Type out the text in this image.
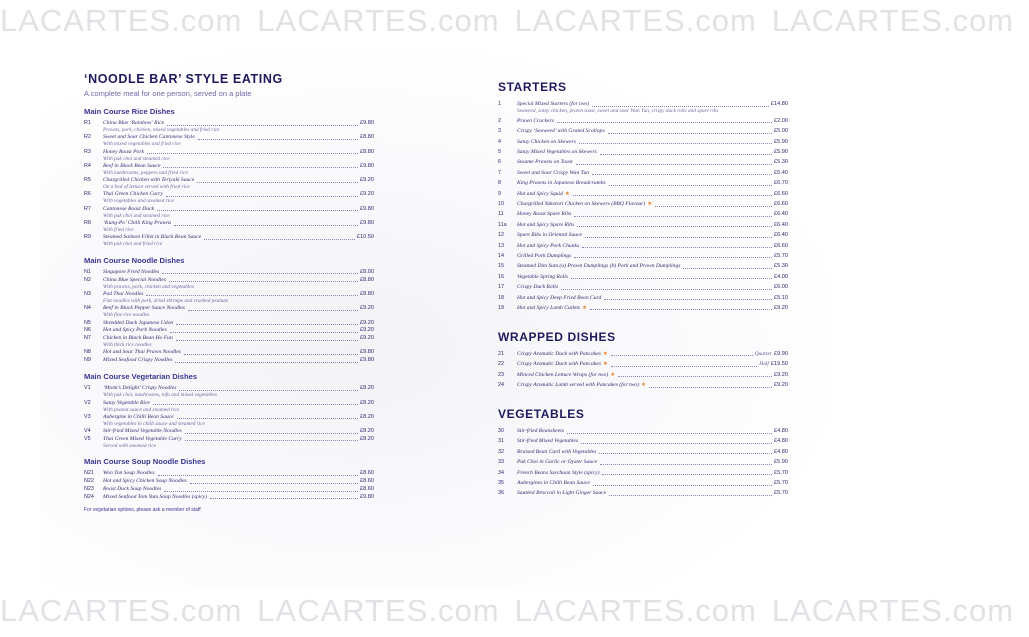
LACARTES.com LACARTES.com LACARTES.com LACARTES.com
LACARTES.com LACARTES.com LACARTES.com LACARTES.com
‘NOODLE BAR’ STYLE EATING
A complete meal for one person, served on a plate
Main Course Rice Dishes
R1	China Blue ‘Rainbow’ Rice	£9.80
Prawns, pork, chicken, mixed vegetables and fried rice
R2	Sweet and Sour Chicken Cantonese Style	£8.80
With mixed vegetables and fried rice
R3	Honey Roast Pork	£8.80
With pak choi and steamed rice
R4	Beef in Black Bean Sauce	£9.80
With mushrooms, peppers and fried rice
R5	Chargrilled Chicken with Teriyaki Sauce	£9.20
On a bed of lettuce served with fried rice
R6	Thai Green Chicken Curry	£9.20
With vegetables and steamed rice
R7	Cantonese Roast Duck	£9.80
With pak choi and steamed rice
R8	‘Kung-Po’ Chilli King Prawns	£9.80
With fried rice
R9	Steamed Salmon Fillet in Black Bean Sauce	£10.50
With pak choi and fried rice
Main Course Noodle Dishes
N1	Singapore Fried Noodles	£8.00
N2	China Blue Special Noodles	£8.80
With prawns, pork, chicken and vegetables
N3	Pad Thai Noodles	£8.80
Flat noodles with pork, dried shrimps and crushed peanuts
N4	Beef in Black Pepper Sauce Noodles	£9.20
With fine rice noodles
N5	Shredded Duck Japanese Udon	£9.20
N6	Hot and Spicy Pork Noodles	£9.20
N7	Chicken in Black Bean Ho Fun	£9.20
With thick rice noodles
N8	Hot and Sour Thai Prawn Noodles	£9.80
N9	Mixed Seafood Crispy Noodles	£9.80
Main Course Vegetarian Dishes
V1	‘Monk’s Delight’ Crispy Noodles	£8.20
With pak choi, mushrooms, tofu and mixed vegetables
V2	Satay Vegetable Rice	£8.20
With peanut sauce and steamed rice
V3	Aubergine in Chilli Bean Sauce	£8.20
With vegetables in chilli sauce and steamed rice
V4	Stir-fried Mixed Vegetable Noodles	£8.20
V5	Thai Green Mixed Vegetable Curry	£8.20
Served with steamed rice
Main Course Soup Noodle Dishes
N21	Won Ton Soup Noodles	£8.60
N22	Hot and Spicy Chicken Soup Noodles	£8.60
N23	Roast Duck Soup Noodles	£8.60
N24	Mixed Seafood Tom Yum Soup Noodles (spicy)	£9.80
For vegetarian options, please ask a member of staff
STARTERS
1	Special Mixed Starters (for two)	£14.80
Seaweed, satay chicken, prawn toast, sweet and sour Wan Tun, crispy duck rolls and spare ribs
2	Prawn Crackers	£2.00
3	Crispy ‘Seaweed’ with Grated Scallops	£5.00
4	Satay Chicken on Skewers	£5.90
5	Satay Mixed Vegetables on Skewers	£5.90
6	Sesame Prawns on Toast	£5.30
7	Sweet and Sour Crispy Wan Tun	£5.40
8	King Prawns in Japanese Breadcrumbs	£6.70
9	Hot and Spicy Squid ★	£6.60
10	Chargrilled Yakotori Chicken on Skewers (BBQ Flavour) ★	£6.60
11	Honey Roast Spare Ribs	£6.40
11a	Hot and Spicy Spare Ribs	£6.40
12	Spare Ribs in Oriental Sauce	£6.40
13	Hot and Spicy Pork Chunks	£6.60
14	Grilled Pork Dumplings	£5.70
15	Steamed Dim Sum (a) Prawn Dumplings (b) Pork and Prawn Dumplings	£5.30
16	Vegetable Spring Rolls	£4.00
17	Crispy Duck Rolls	£6.00
18	Hot and Spicy Deep Fried Bean Curd	£5.10
19	Hot and Spicy Lamb Cutlets ★	£9.20
WRAPPED DISHES
21	Crispy Aromatic Duck with Pancakes ★	Quarter £9.90
22	Crispy Aromatic Duck with Pancakes ★	Half £19.50
23	Minced Chicken Lettuce Wraps (for two) ★	£9.20
24	Crispy Aromatic Lamb served with Pancakes (for two) ★	£9.20
VEGETABLES
30	Stir-fried Beansheets	£4.80
31	Stir-fried Mixed Vegetables	£4.80
32	Braised Bean Curd with Vegetables	£4.80
33	Pak Choi in Garlic or Oyster Sauce	£5.90
34	French Beans Szechuan Style (spicy)	£5.70
35	Aubergines in Chilli Bean Sauce	£5.70
36	Sautéed Broccoli in Light Ginger Sauce	£5.70
